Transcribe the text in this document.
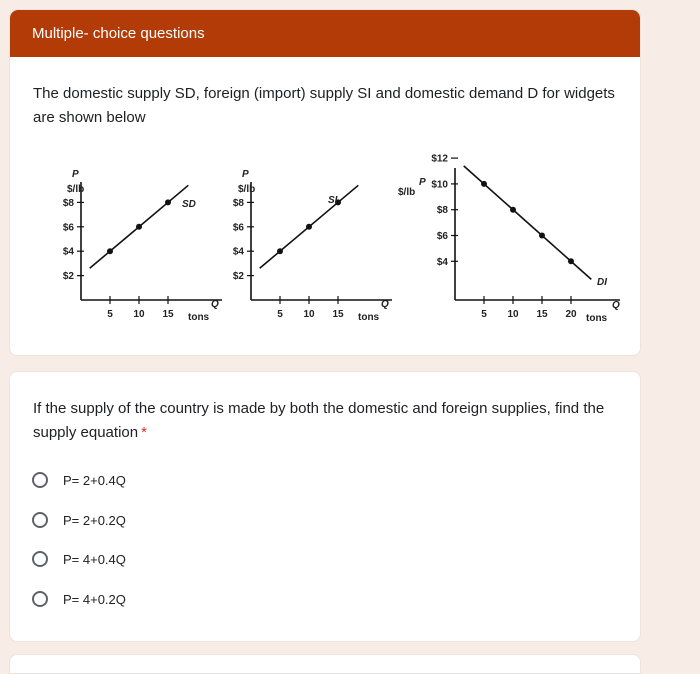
Multiple- choice questions
The domestic supply SD, foreign (import) supply SI and domestic demand D for widgets are shown below
$8
$6
$4
$2
5 10 15
P
$/lb
Q
tons
SD	$8
$6
$4
$2
5 10 15
P
$/lb
Q
tons
SI
$12
$10
$8
$6
$4
5 10 15 20
P
$/lb
Q
tons
DI
If the supply of the country is made by both the domestic and foreign supplies, find the supply equation *
P= 2+0.4Q
P= 2+0.2Q
P= 4+0.4Q
P= 4+0.2Q
